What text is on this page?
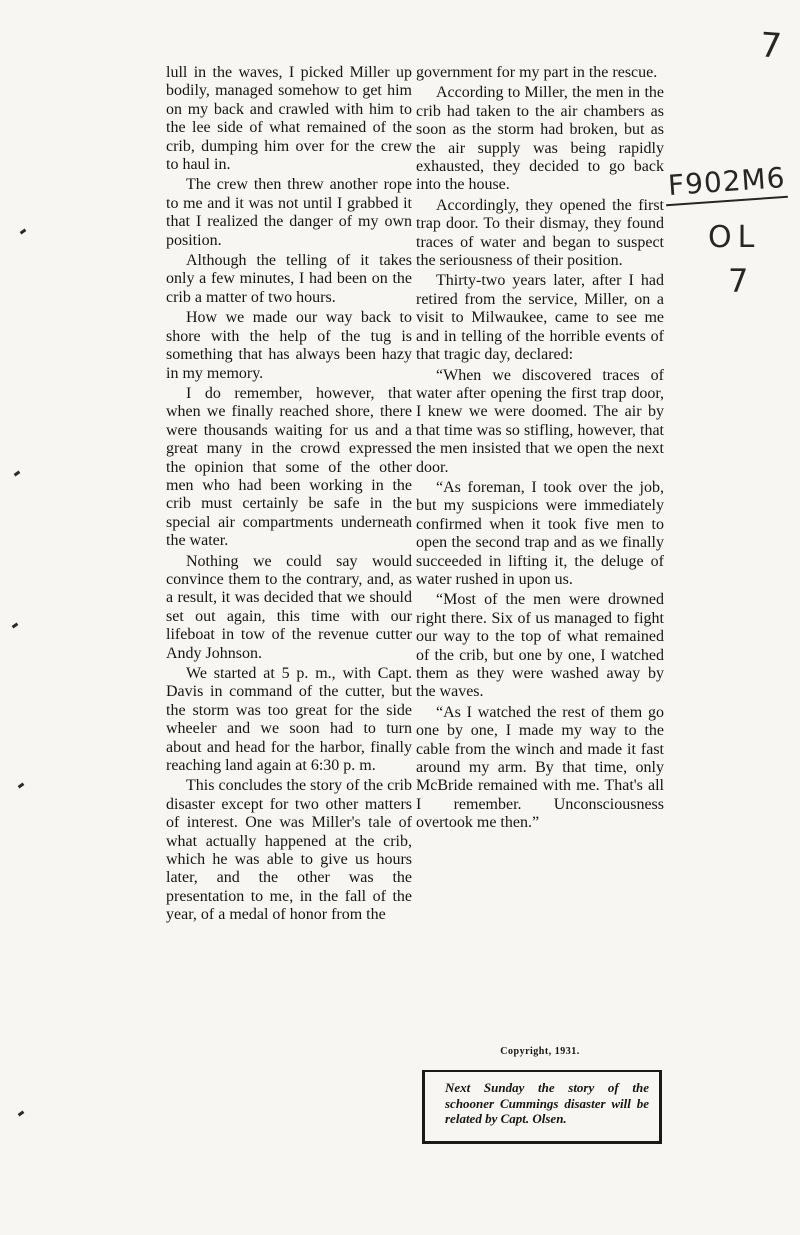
7
F902M6
OL
7

lull in the waves, I picked Miller up bodily, managed somehow to get him on my back and crawled with him to the lee side of what remained of the crib, dumping him over for the crew to haul in.

The crew then threw another rope to me and it was not until I grabbed it that I realized the danger of my own position.

Although the telling of it takes only a few minutes, I had been on the crib a matter of two hours.

How we made our way back to shore with the help of the tug is something that has always been hazy in my memory.

I do remember, however, that when we finally reached shore, there were thousands waiting for us and a great many in the crowd expressed the opinion that some of the other men who had been working in the crib must certainly be safe in the special air compartments underneath the water.

Nothing we could say would convince them to the contrary, and, as a result, it was decided that we should set out again, this time with our lifeboat in tow of the revenue cutter Andy Johnson.

We started at 5 p. m., with Capt. Davis in command of the cutter, but the storm was too great for the side wheeler and we soon had to turn about and head for the harbor, finally reaching land again at 6:30 p. m.

This concludes the story of the crib disaster except for two other matters of interest. One was Miller's tale of what actually happened at the crib, which he was able to give us hours later, and the other was the presentation to me, in the fall of the year, of a medal of honor from the

government for my part in the rescue.

According to Miller, the men in the crib had taken to the air chambers as soon as the storm had broken, but as the air supply was being rapidly exhausted, they decided to go back into the house.

Accordingly, they opened the first trap door. To their dismay, they found traces of water and began to suspect the seriousness of their position.

Thirty-two years later, after I had retired from the service, Miller, on a visit to Milwaukee, came to see me and in telling of the horrible events of that tragic day, declared:

“When we discovered traces of water after opening the first trap door, I knew we were doomed. The air by that time was so stifling, however, that the men insisted that we open the next door.

“As foreman, I took over the job, but my suspicions were immediately confirmed when it took five men to open the second trap and as we finally succeeded in lifting it, the deluge of water rushed in upon us.

“Most of the men were drowned right there. Six of us managed to fight our way to the top of what remained of the crib, but one by one, I watched them as they were washed away by the waves.

“As I watched the rest of them go one by one, I made my way to the cable from the winch and made it fast around my arm. By that time, only McBride remained with me. That's all I remember. Unconsciousness overtook me then.”

Copyright, 1931.
Next Sunday the story of the schooner Cummings disaster will be related by Capt. Olsen.
